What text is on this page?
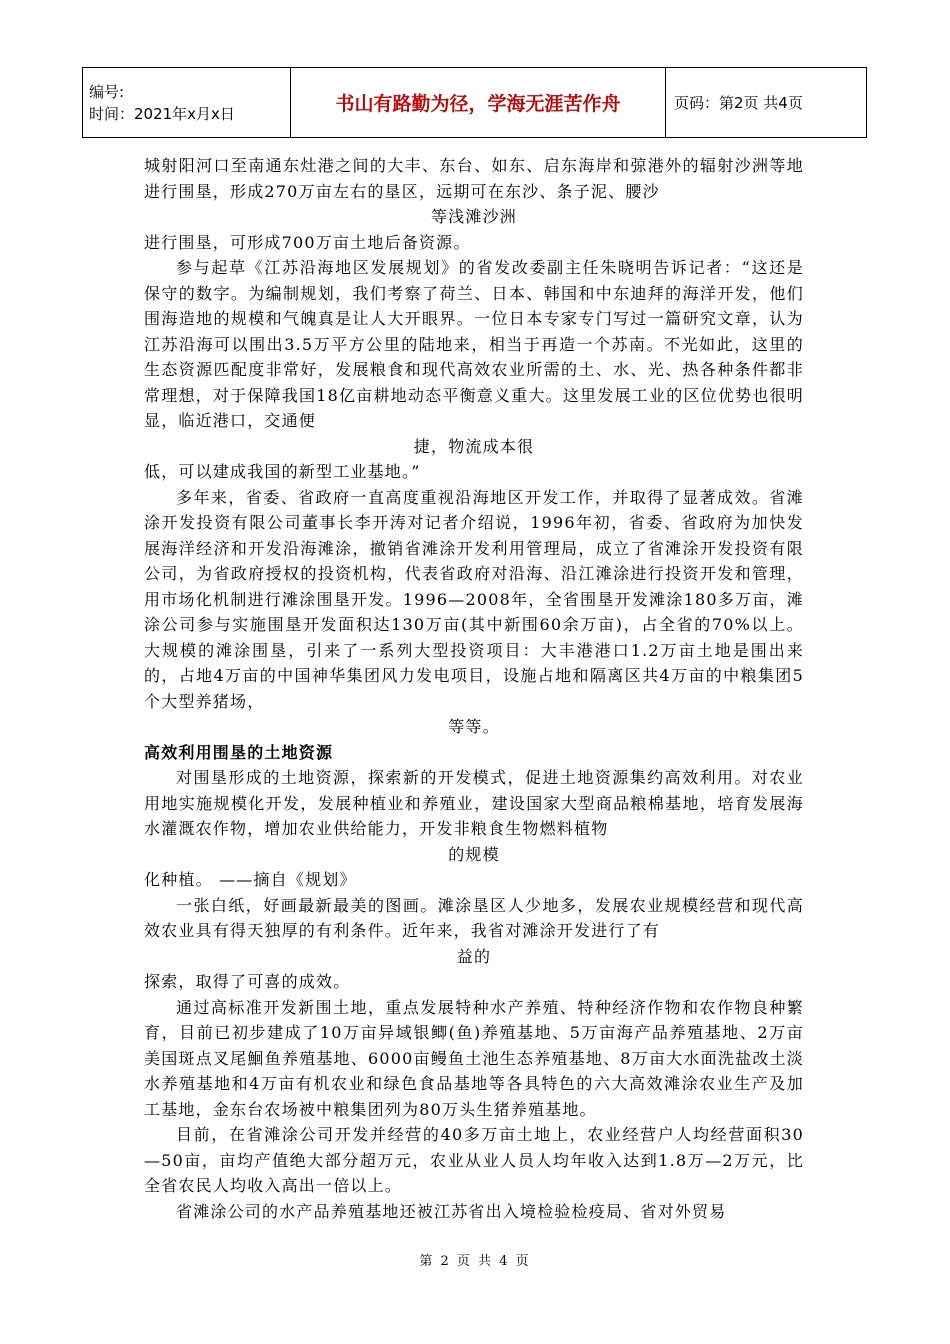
编号:
时间：2021年x月x日	书山有路勤为径，学海无涯苦作舟	页码：第2页 共4页

城射阳河口至南通东灶港之间的大丰、东台、如东、启东海岸和弶港外的辐射沙洲等地进行围垦，形成270万亩左右的垦区，远期可在东沙、条子泥、腰沙

等浅滩沙洲

进行围垦，可形成700万亩土地后备资源。

参与起草《江苏沿海地区发展规划》的省发改委副主任朱晓明告诉记者：“这还是保守的数字。为编制规划，我们考察了荷兰、日本、韩国和中东迪拜的海洋开发，他们围海造地的规模和气魄真是让人大开眼界。一位日本专家专门写过一篇研究文章，认为江苏沿海可以围出3.5万平方公里的陆地来，相当于再造一个苏南。不光如此，这里的生态资源匹配度非常好，发展粮食和现代高效农业所需的土、水、光、热各种条件都非常理想，对于保障我国18亿亩耕地动态平衡意义重大。这里发展工业的区位优势也很明显，临近港口，交通便

捷，物流成本很

低，可以建成我国的新型工业基地。”

多年来，省委、省政府一直高度重视沿海地区开发工作，并取得了显著成效。省滩涂开发投资有限公司董事长李开涛对记者介绍说，1996年初，省委、省政府为加快发展海洋经济和开发沿海滩涂，撤销省滩涂开发利用管理局，成立了省滩涂开发投资有限公司，为省政府授权的投资机构，代表省政府对沿海、沿江滩涂进行投资开发和管理，用市场化机制进行滩涂围垦开发。1996—2008年，全省围垦开发滩涂180多万亩，滩涂公司参与实施围垦开发面积达130万亩(其中新围60余万亩)，占全省的70%以上。大规模的滩涂围垦，引来了一系列大型投资项目：大丰港港口1.2万亩土地是围出来的，占地4万亩的中国神华集团风力发电项目，设施占地和隔离区共4万亩的中粮集团5个大型养猪场，

等等。

高效利用围垦的土地资源

对围垦形成的土地资源，探索新的开发模式，促进土地资源集约高效利用。对农业用地实施规模化开发，发展种植业和养殖业，建设国家大型商品粮棉基地，培育发展海水灌溉农作物，增加农业供给能力，开发非粮食生物燃料植物

的规模

化种植。 ——摘自《规划》

一张白纸，好画最新最美的图画。滩涂垦区人少地多，发展农业规模经营和现代高效农业具有得天独厚的有利条件。近年来，我省对滩涂开发进行了有

益的

探索，取得了可喜的成效。

通过高标准开发新围土地，重点发展特种水产养殖、特种经济作物和农作物良种繁育，目前已初步建成了10万亩异域银鲫(鱼)养殖基地、5万亩海产品养殖基地、2万亩美国斑点叉尾鮰鱼养殖基地、6000亩鳗鱼土池生态养殖基地、8万亩大水面洗盐改土淡水养殖基地和4万亩有机农业和绿色食品基地等各具特色的六大高效滩涂农业生产及加工基地，金东台农场被中粮集团列为80万头生猪养殖基地。

目前，在省滩涂公司开发并经营的40多万亩土地上，农业经营户人均经营面积30—50亩，亩均产值绝大部分超万元，农业从业人员人均年收入达到1.8万—2万元，比全省农民人均收入高出一倍以上。

省滩涂公司的水产品养殖基地还被江苏省出入境检验检疫局、省对外贸易

第 2 页 共 4 页
